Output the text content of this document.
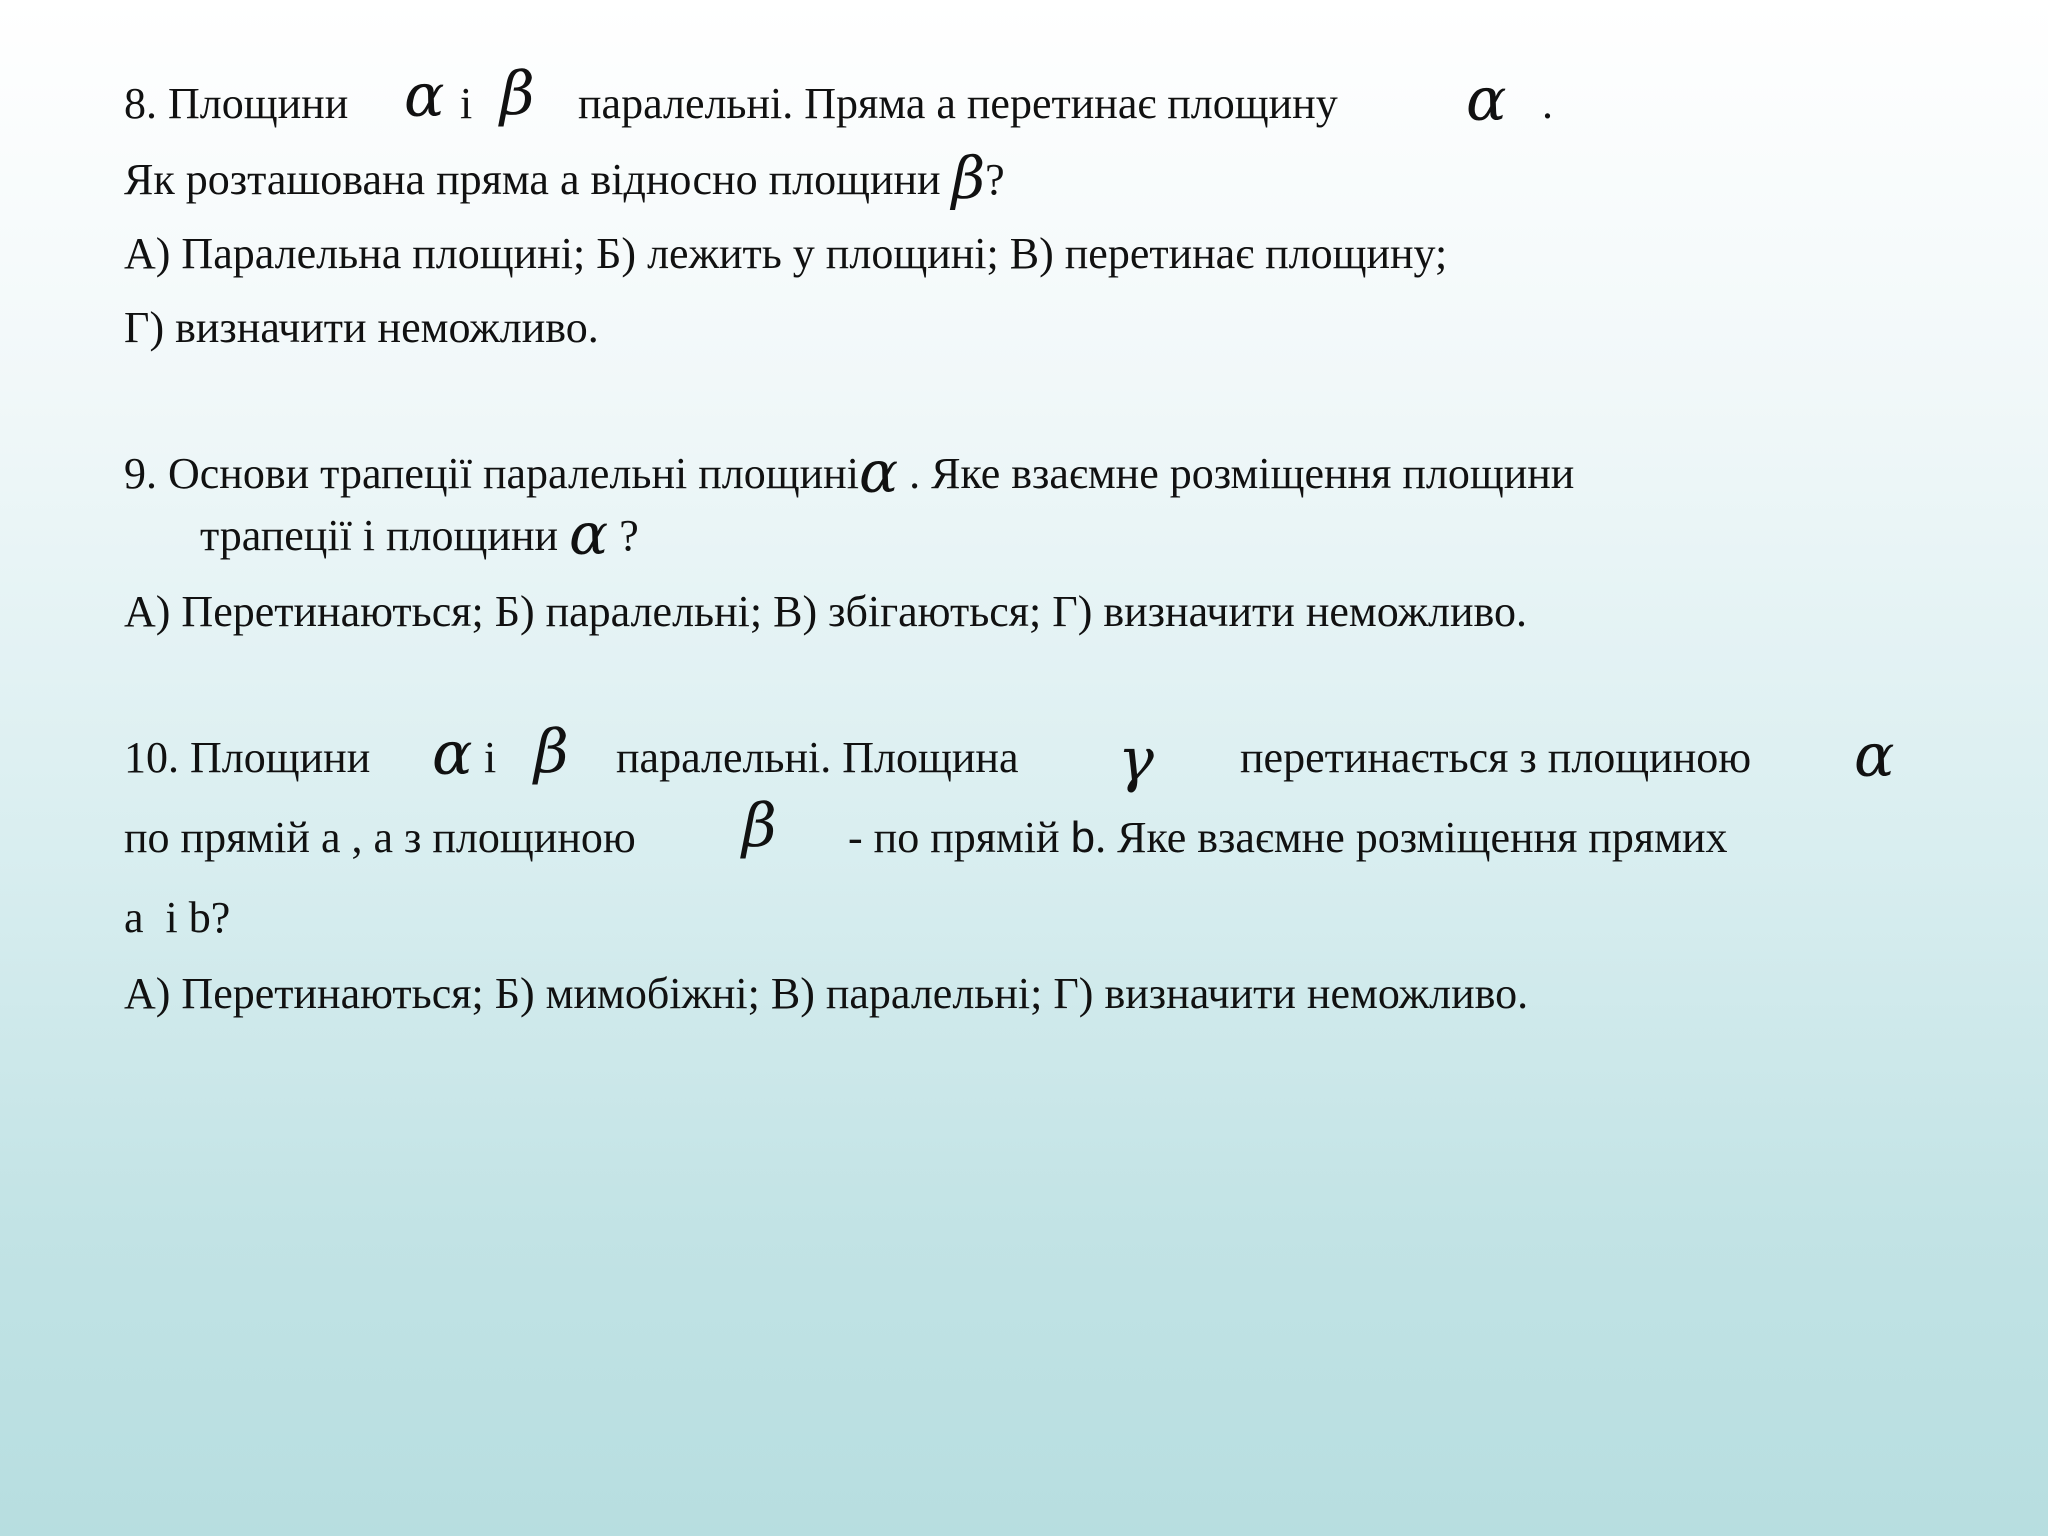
8. Площини α і β паралельні. Пряма а перетинає площину α .
Як розташована пряма а відносно площини β?
А) Паралельна площині; Б) лежить у площині; В) перетинає площину;
Г) визначити неможливо.
9. Основи трапеції паралельні площиніα . Яке взаємне розміщення площини
трапеції і площини α ?
А) Перетинаються; Б) паралельні; В) збігаються; Г) визначити неможливо.
10. Площини α і β паралельні. Площина γ перетинається з площиною α
по прямій a , а з площиною β - по прямій b. Яке взаємне розміщення прямих
a  і b?
А) Перетинаються; Б) мимобіжні; В) паралельні; Г) визначити неможливо.
